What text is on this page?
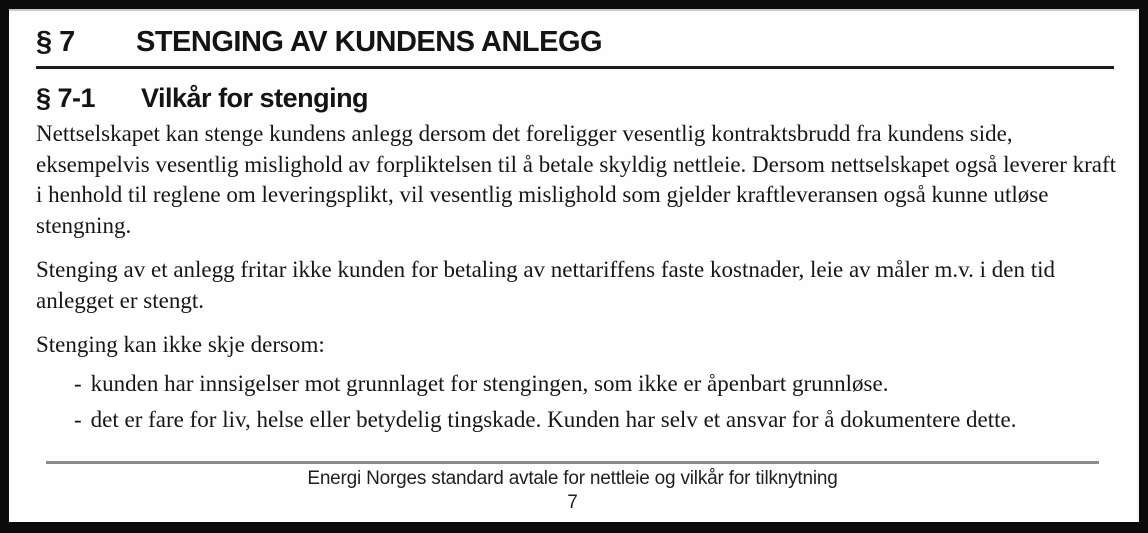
§ 7 STENGING AV KUNDENS ANLEGG
§ 7-1 Vilkår for stenging

Nettselskapet kan stenge kundens anlegg dersom det foreligger vesentlig kontraktsbrudd fra kundens side, eksempelvis vesentlig mislighold av forpliktelsen til å betale skyldig nettleie. Dersom nettselskapet også leverer kraft i henhold til reglene om leveringsplikt, vil vesentlig mislighold som gjelder kraftleveransen også kunne utløse stengning.

Stenging av et anlegg fritar ikke kunden for betaling av nettariffens faste kostnader, leie av måler m.v. i den tid anlegget er stengt.

Stenging kan ikke skje dersom:

- kunden har innsigelser mot grunnlaget for stengingen, som ikke er åpenbart grunnløse.
- det er fare for liv, helse eller betydelig tingskade. Kunden har selv et ansvar for å dokumentere dette.
Energi Norges standard avtale for nettleie og vilkår for tilknytning
7
